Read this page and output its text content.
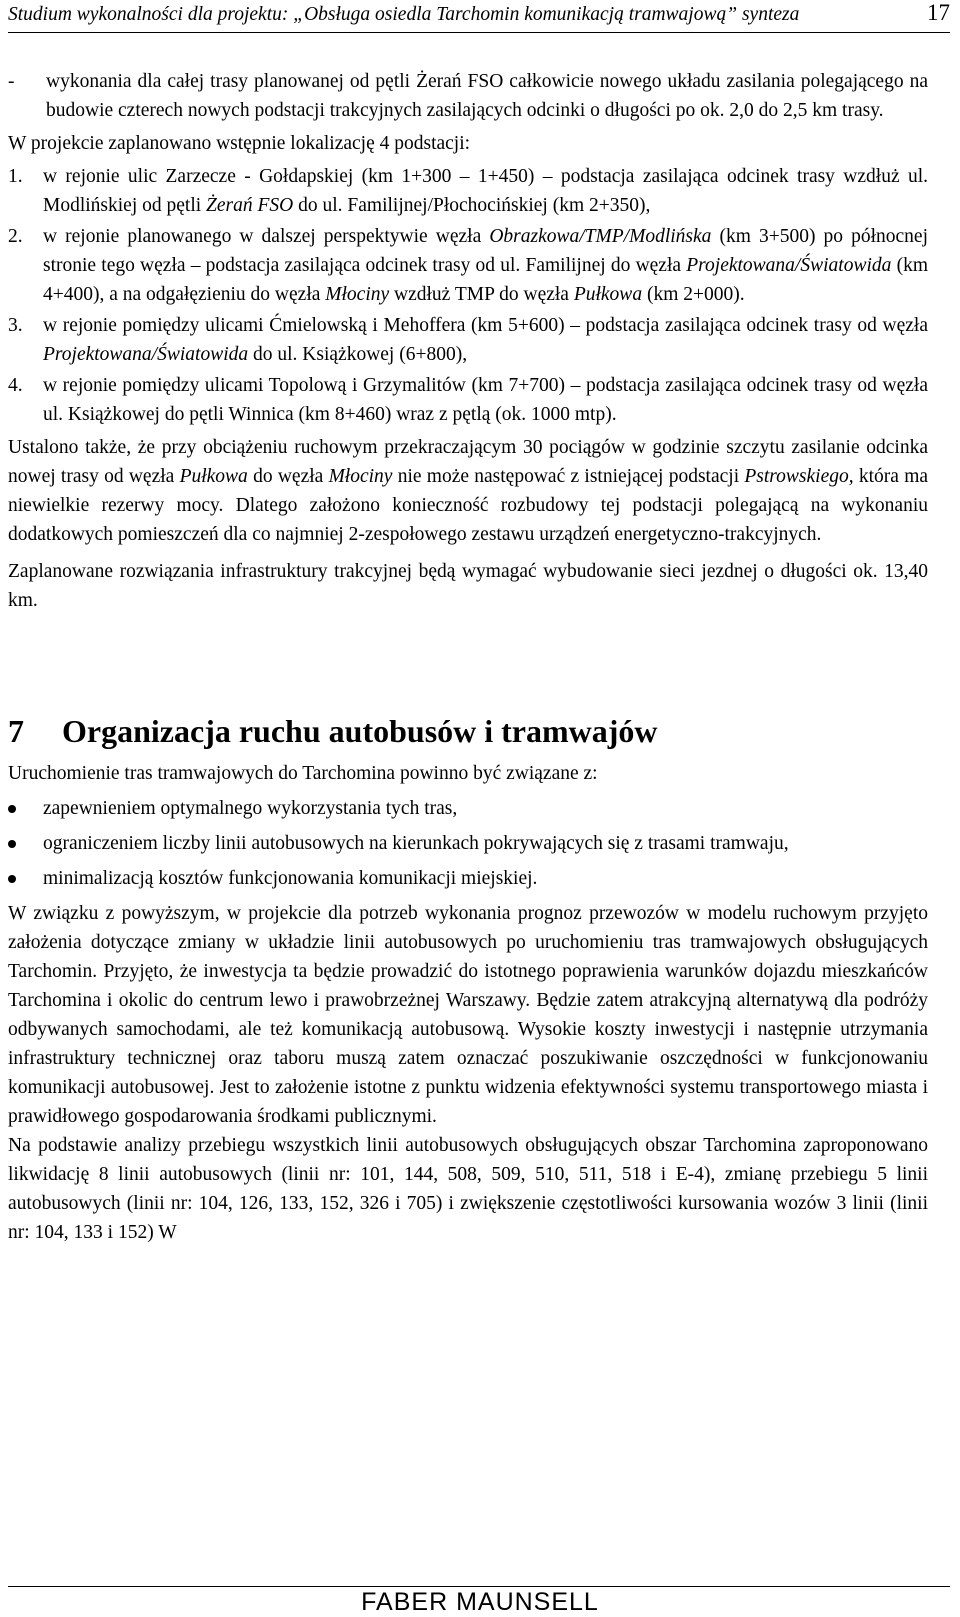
Studium wykonalności dla projektu: „Obsługa osiedla Tarchomin komunikacją tramwajową” synteza	17
- wykonania dla całej trasy planowanej od pętli Żerań FSO całkowicie nowego układu zasilania polegającego na budowie czterech nowych podstacji trakcyjnych zasilających odcinki o długości po ok. 2,0 do 2,5 km trasy.

W projekcie zaplanowano wstępnie lokalizację 4 podstacji:

1. w rejonie ulic Zarzecze - Gołdapskiej (km 1+300 – 1+450) – podstacja zasilająca odcinek trasy wzdłuż ul. Modlińskiej od pętli Żerań FSO do ul. Familijnej/Płochocińskiej (km 2+350),
2. w rejonie planowanego w dalszej perspektywie węzła Obrazkowa/TMP/Modlińska (km 3+500) po północnej stronie tego węzła – podstacja zasilająca odcinek trasy od ul. Familijnej do węzła Projektowana/Światowida (km 4+400), a na odgałęzieniu do węzła Młociny wzdłuż TMP do węzła Pułkowa (km 2+000).
3. w rejonie pomiędzy ulicami Ćmielowską i Mehoffera (km 5+600) – podstacja zasilająca odcinek trasy od węzła Projektowana/Światowida do ul. Książkowej (6+800),
4. w rejonie pomiędzy ulicami Topolową i Grzymalitów (km 7+700) – podstacja zasilająca odcinek trasy od węzła ul. Książkowej do pętli Winnica (km 8+460) wraz z pętlą (ok. 1000 mtp).

Ustalono także, że przy obciążeniu ruchowym przekraczającym 30 pociągów w godzinie szczytu zasilanie odcinka nowej trasy od węzła Pułkowa do węzła Młociny nie może następować z istniejącej podstacji Pstrowskiego, która ma niewielkie rezerwy mocy. Dlatego założono konieczność rozbudowy tej podstacji polegającą na wykonaniu dodatkowych pomieszczeń dla co najmniej 2-zespołowego zestawu urządzeń energetyczno-trakcyjnych.

Zaplanowane rozwiązania infrastruktury trakcyjnej będą wymagać wybudowanie sieci jezdnej o długości ok. 13,40 km.

7 Organizacja ruchu autobusów i tramwajów

Uruchomienie tras tramwajowych do Tarchomina powinno być związane z:

zapewnieniem optymalnego wykorzystania tych tras,
ograniczeniem liczby linii autobusowych na kierunkach pokrywających się z trasami tramwaju,
minimalizacją kosztów funkcjonowania komunikacji miejskiej.

W związku z powyższym, w projekcie dla potrzeb wykonania prognoz przewozów w modelu ruchowym przyjęto założenia dotyczące zmiany w układzie linii autobusowych po uruchomieniu tras tramwajowych obsługujących Tarchomin. Przyjęto, że inwestycja ta będzie prowadzić do istotnego poprawienia warunków dojazdu mieszkańców Tarchomina i okolic do centrum lewo i prawobrzeżnej Warszawy. Będzie zatem atrakcyjną alternatywą dla podróży odbywanych samochodami, ale też komunikacją autobusową. Wysokie koszty inwestycji i następnie utrzymania infrastruktury technicznej oraz taboru muszą zatem oznaczać poszukiwanie oszczędności w funkcjonowaniu komunikacji autobusowej. Jest to założenie istotne z punktu widzenia efektywności systemu transportowego miasta i prawidłowego gospodarowania środkami publicznymi.

Na podstawie analizy przebiegu wszystkich linii autobusowych obsługujących obszar Tarchomina zaproponowano likwidację 8 linii autobusowych (linii nr: 101, 144, 508, 509, 510, 511, 518 i E-4), zmianę przebiegu 5 linii autobusowych (linii nr: 104, 126, 133, 152, 326 i 705) i zwiększenie częstotliwości kursowania wozów 3 linii (linii nr: 104, 133 i 152) W

FABER MAUNSELL
